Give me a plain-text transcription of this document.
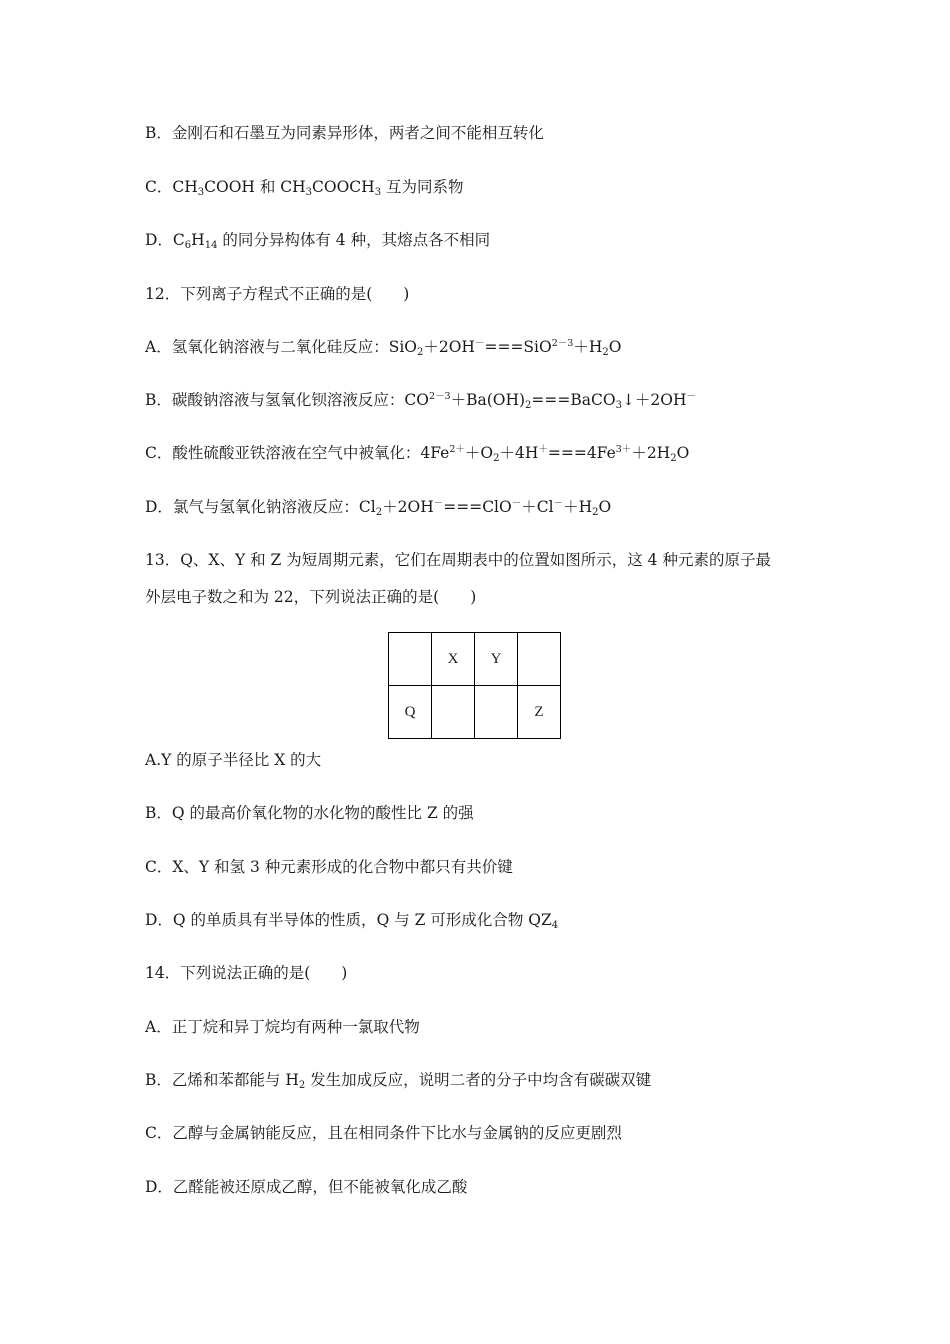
B．金刚石和石墨互为同素异形体，两者之间不能相互转化
C．$CH_3COOH$ 和 $CH_3COOCH_3$ 互为同系物
D．$C_6H_{14}$ 的同分异构体有 4 种，其熔点各不相同
12．下列离子方程式不正确的是(　　)
A．氢氧化钠溶液与二氧化硅反应：$SiO_2+2OH^-===SiO^{2-3}+H_2O$
B．碳酸钠溶液与氢氧化钡溶液反应：$CO^{2-3}+Ba(OH)_2===BaCO_3↓+2OH^-$
C．酸性硫酸亚铁溶液在空气中被氧化：$4Fe^{2+}+O_2+4H^+===4Fe^{3+}+2H_2O$
D．氯气与氢氧化钠溶液反应：$Cl_2+2OH^-===ClO^-+Cl^-+H_2O$
13．Q、X、Y 和 Z 为短周期元素，它们在周期表中的位置如图所示，这 4 种元素的原子最
外层电子数之和为 22，下列说法正确的是(　　)
	X	Y	
Q			Z
A.Y 的原子半径比 X 的大
B．Q 的最高价氧化物的水化物的酸性比 Z 的强
C．X、Y 和氢 3 种元素形成的化合物中都只有共价键
D．Q 的单质具有半导体的性质，Q 与 Z 可形成化合物 $QZ_4$
14．下列说法正确的是(　　)
A．正丁烷和异丁烷均有两种一氯取代物
B．乙烯和苯都能与 $H_2$ 发生加成反应，说明二者的分子中均含有碳碳双键
C．乙醇与金属钠能反应，且在相同条件下比水与金属钠的反应更剧烈
D．乙醛能被还原成乙醇，但不能被氧化成乙酸
